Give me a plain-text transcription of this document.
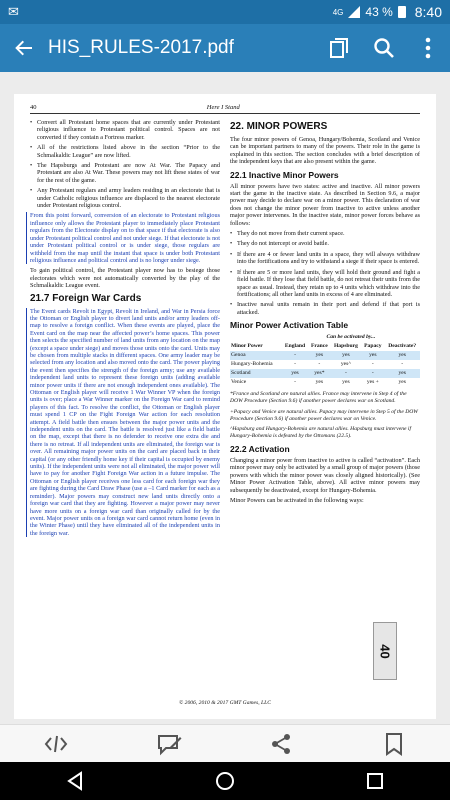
✉	4G 43 % 8:40
HIS_RULES-2017.pdf
40	Here I Stand
• Convert all Protestant home spaces that are currently under Protestant religious influence to Protestant political control. Spaces are not converted if they contain a Fortress marker.
• All of the restrictions listed above in the section “Prior to the Schmalkaldic League” are now lifted.
• The Hapsburgs and Protestant are now At War. The Papacy and Protestant are also At War. These powers may not lift these states of war for the rest of the game.
• Any Protestant regulars and army leaders residing in an electorate that is under Catholic religious influence are displaced to the nearest electorate under Protestant religious control.

From this point forward, conversion of an electorate to Protestant religious influence only allows the Protestant player to immediately place Protestant regulars from the Electorate display on to that space if that electorate is also under Protestant political control and not under siege. If that electorate is not under Protestant political control or is under siege, those regulars are withheld from the map until the instant that space is under both Protestant religious influence and political control and is no longer under siege.

To gain political control, the Protestant player now has to besiege those electorates which were not automatically converted by the play of the Schmalkaldic League event.

21.7 Foreign War Cards

The Event cards Revolt in Egypt, Revolt in Ireland, and War in Persia force the Ottoman or English player to divert land units and/or army leaders off-map to resolve a foreign conflict. When these events are played, place the Event card on the map near the affected power’s home spaces. This power then selects the specified number of land units from any location on the map (except a space under siege) and moves those units onto the card. Units may be chosen from multiple stacks in different spaces. One army leader may be selected from any location and also moved onto the card. The power playing the event then specifies the strength of the foreign army; use any available independent land units to represent these foreign units (adding available minor power units if there are not enough independent ones available). The Ottoman or English player will receive 1 War Winner VP when the foreign units is over; place a War Winner marker on the Foreign War card to remind players of this fact. To resolve the conflict, the Ottoman or English player must spend 1 CP on the Fight Foreign War action for each resolution attempt. A field battle then ensues between the major power units and the independent units on the card. The battle is resolved just like a field battle on the map, except that there is no defender to receive one extra die and there is no retreat. If all independent units are eliminated, the foreign war is over. All remaining major power units on the card are placed back in their capital (or any other friendly home key if their capital is occupied by enemy units). If the independent units were not all eliminated, the major power will have to pay for another Fight Foreign War action in a future impulse. The Ottoman or English player receives one less card for each foreign war they are fighting during the Card Draw Phase (use a –1 Card marker for each as a reminder). Major powers may construct new land units directly onto a foreign war card that they are fighting. However a major power may never have more units on a foreign war card than originally called for by the event. Major power units on a foreign war card cannot return home (even in the Winter Phase) until they have eliminated all of the independent units in the foreign war.

22. MINOR POWERS

The four minor powers of Genoa, Hungary/Bohemia, Scotland and Venice can be important partners to many of the powers. Their role in the game is explained in this section. The section concludes with a brief description of the independent keys that are also present within the game.

22.1 Inactive Minor Powers

All minor powers have two states: active and inactive. All minor powers start the game in the inactive state. As described in Section 9.6, a major power may decide to declare war on a minor power. This declaration of war does not change the minor power from inactive to active unless another major power intervenes. In the inactive state, minor power forces behave as follows:

• They do not move from their current space.
• They do not intercept or avoid battle.
• If there are 4 or fewer land units in a space, they will always withdraw into the fortifications and try to withstand a siege if their space is entered.
• If there are 5 or more land units, they will hold their ground and fight a field battle. If they lose that field battle, do not retreat their units from the space as usual. Instead, they retain up to 4 units which withdraw into the fortifications; all other land units in excess of 4 are eliminated.
• Inactive naval units remain in their port and defend if that port is attacked.
Minor Power Activation Table
	Can be activated by...				
Minor Power	England	France	Hapsburg	Papacy	Deactivate?
Genoa	-	yes	yes	yes	yes
Hungary-Bohemia	-	-	yes^	-	-
Scotland	yes	yes*	-	-	yes
Venice	-	yes	yes	yes +	yes
*France and Scotland are natural allies. France may intervene in Step 4 of the DOW Procedure (Section 9.6) if another power declares war on Scotland.
+Papacy and Venice are natural allies. Papacy may intervene in Step 5 of the DOW Procedure (Section 9.6) if another power declares war on Venice.
^Hapsburg and Hungary-Bohemia are natural allies. Hapsburg must intervene if Hungary-Bohemia is defeated by the Ottomans (22.5).
22.2 Activation

Changing a minor power from inactive to active is called “activation”. Each minor power may only be activated by a small group of major powers (those powers with which the minor power was closely aligned historically). (See Minor Power Activation Table, above). All active minor powers may subsequently be deactivated, except for Hungary-Bohemia.

Minor Powers can be activated in the following ways:

© 2006, 2010 & 2017 GMT Games, LLC
40
